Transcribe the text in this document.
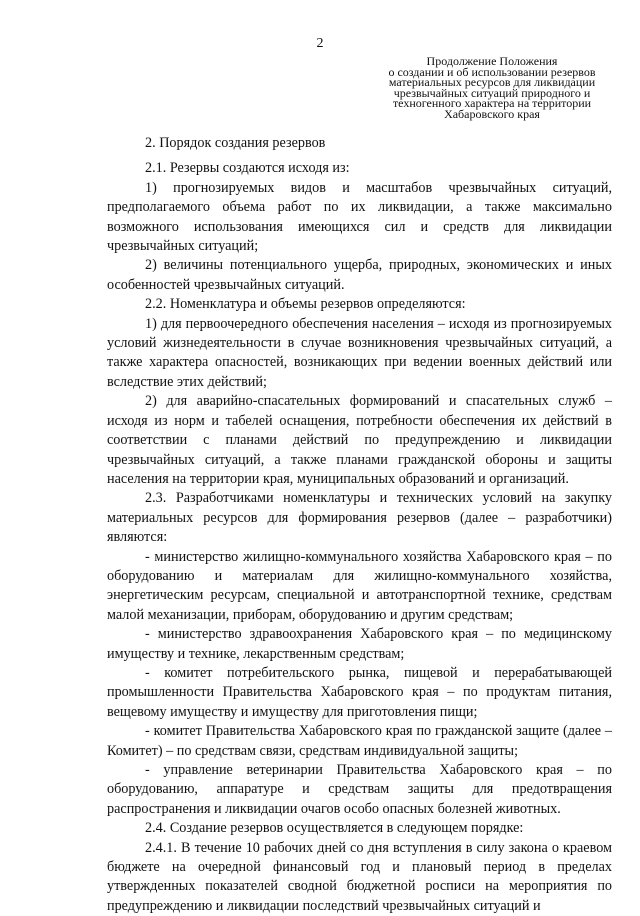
2
Продолжение Положения
о создании и об использовании резервов
материальных ресурсов для ликвидации
чрезвычайных ситуаций природного и
техногенного характера на территории
Хабаровского края

2. Порядок создания резервов

2.1. Резервы создаются исходя из:

1) прогнозируемых видов и масштабов чрезвычайных ситуаций, предполагаемого объема работ по их ликвидации, а также максимально возможного использования имеющихся сил и средств для ликвидации чрезвычайных ситуаций;

2) величины потенциального ущерба, природных, экономических и иных особенностей чрезвычайных ситуаций.

2.2. Номенклатура и объемы резервов определяются:

1) для первоочередного обеспечения населения – исходя из прогнозируемых условий жизнедеятельности в случае возникновения чрезвычайных ситуаций, а также характера опасностей, возникающих при ведении военных действий или вследствие этих действий;

2) для аварийно-спасательных формирований и спасательных служб – исходя из норм и табелей оснащения, потребности обеспечения их действий в соответствии с планами действий по предупреждению и ликвидации чрезвычайных ситуаций, а также планами гражданской обороны и защиты населения на территории края, муниципальных образований и организаций.

2.3. Разработчиками номенклатуры и технических условий на закупку материальных ресурсов для формирования резервов (далее – разработчики) являются:

- министерство жилищно-коммунального хозяйства Хабаровского края – по оборудованию и материалам для жилищно-коммунального хозяйства, энергетическим ресурсам, специальной и автотранспортной технике, средствам малой механизации, приборам, оборудованию и другим средствам;

- министерство здравоохранения Хабаровского края – по медицинскому имуществу и технике, лекарственным средствам;

- комитет потребительского рынка, пищевой и перерабатывающей промышленности Правительства Хабаровского края – по продуктам питания, вещевому имуществу и имуществу для приготовления пищи;

- комитет Правительства Хабаровского края по гражданской защите (далее – Комитет) – по средствам связи, средствам индивидуальной защиты;

- управление ветеринарии Правительства Хабаровского края – по оборудованию, аппаратуре и средствам защиты для предотвращения распространения и ликвидации очагов особо опасных болезней животных.

2.4. Создание резервов осуществляется в следующем порядке:

2.4.1. В течение 10 рабочих дней со дня вступления в силу закона о краевом бюджете на очередной финансовый год и плановый период в пределах утвержденных показателей сводной бюджетной росписи на мероприятия по предупреждению и ликвидации последствий чрезвычайных ситуаций и
